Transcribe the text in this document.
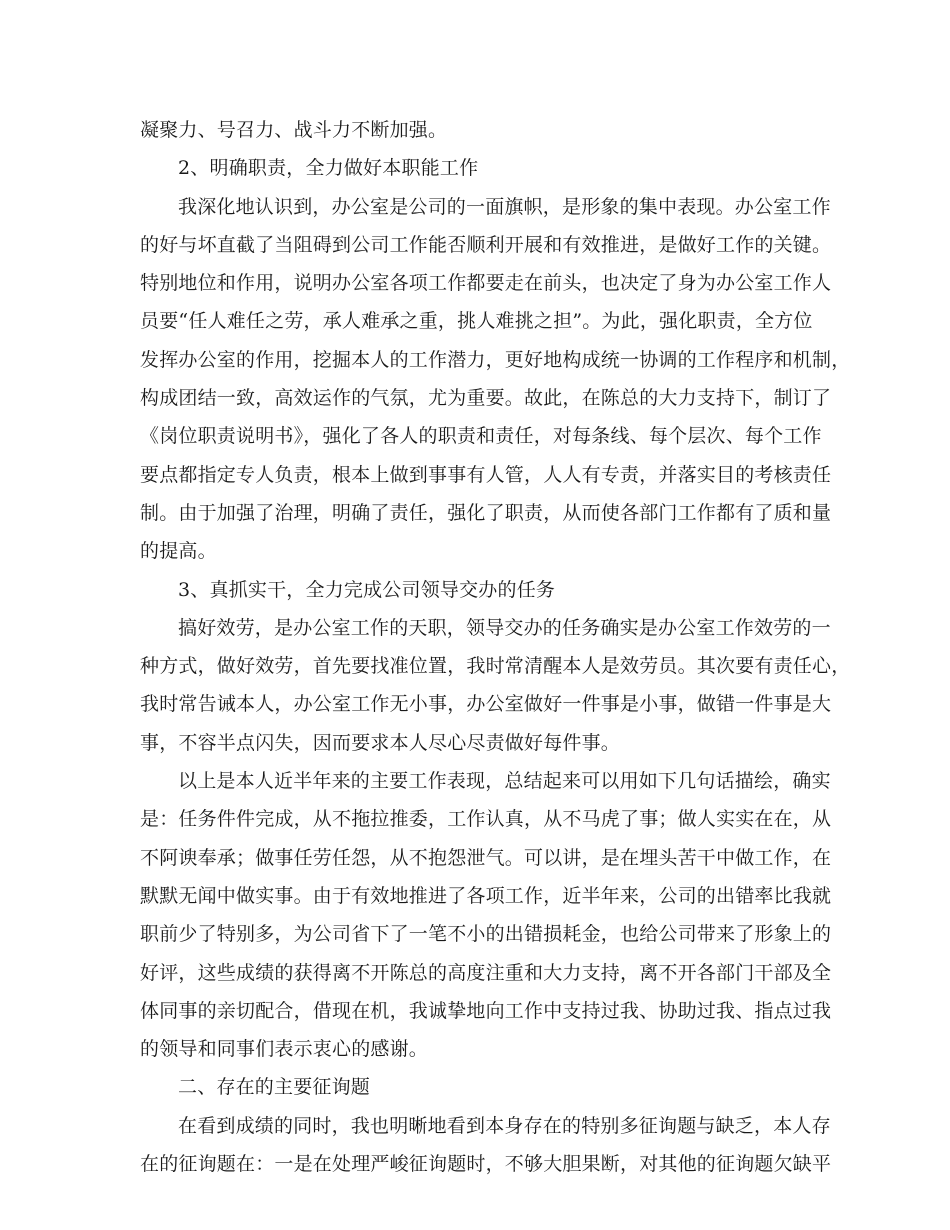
凝聚力、号召力、战斗力不断加强。
2、明确职责，全力做好本职能工作
我深化地认识到，办公室是公司的一面旗帜，是形象的集中表现。办公室工作
的好与坏直截了当阻碍到公司工作能否顺利开展和有效推进，是做好工作的关键。
特别地位和作用，说明办公室各项工作都要走在前头，也决定了身为办公室工作人
员要“任人难任之劳，承人难承之重，挑人难挑之担”。为此，强化职责，全方位
发挥办公室的作用，挖掘本人的工作潜力，更好地构成统一协调的工作程序和机制，
构成团结一致，高效运作的气氛，尤为重要。故此，在陈总的大力支持下，制订了
《岗位职责说明书》，强化了各人的职责和责任，对每条线、每个层次、每个工作
要点都指定专人负责，根本上做到事事有人管，人人有专责，并落实目的考核责任
制。由于加强了治理，明确了责任，强化了职责，从而使各部门工作都有了质和量
的提高。
3、真抓实干，全力完成公司领导交办的任务
搞好效劳，是办公室工作的天职，领导交办的任务确实是办公室工作效劳的一
种方式，做好效劳，首先要找准位置，我时常清醒本人是效劳员。其次要有责任心，
我时常告诫本人，办公室工作无小事，办公室做好一件事是小事，做错一件事是大
事，不容半点闪失，因而要求本人尽心尽责做好每件事。
以上是本人近半年来的主要工作表现，总结起来可以用如下几句话描绘，确实
是：任务件件完成，从不拖拉推委，工作认真，从不马虎了事；做人实实在在，从
不阿谀奉承；做事任劳任怨，从不抱怨泄气。可以讲，是在埋头苦干中做工作，在
默默无闻中做实事。由于有效地推进了各项工作，近半年来，公司的出错率比我就
职前少了特别多，为公司省下了一笔不小的出错损耗金，也给公司带来了形象上的
好评，这些成绩的获得离不开陈总的高度注重和大力支持，离不开各部门干部及全
体同事的亲切配合，借现在机，我诚挚地向工作中支持过我、协助过我、指点过我
的领导和同事们表示衷心的感谢。
二、存在的主要征询题
在看到成绩的同时，我也明晰地看到本身存在的特别多征询题与缺乏，本人存
在的征询题在：一是在处理严峻征询题时，不够大胆果断，对其他的征询题欠缺平
